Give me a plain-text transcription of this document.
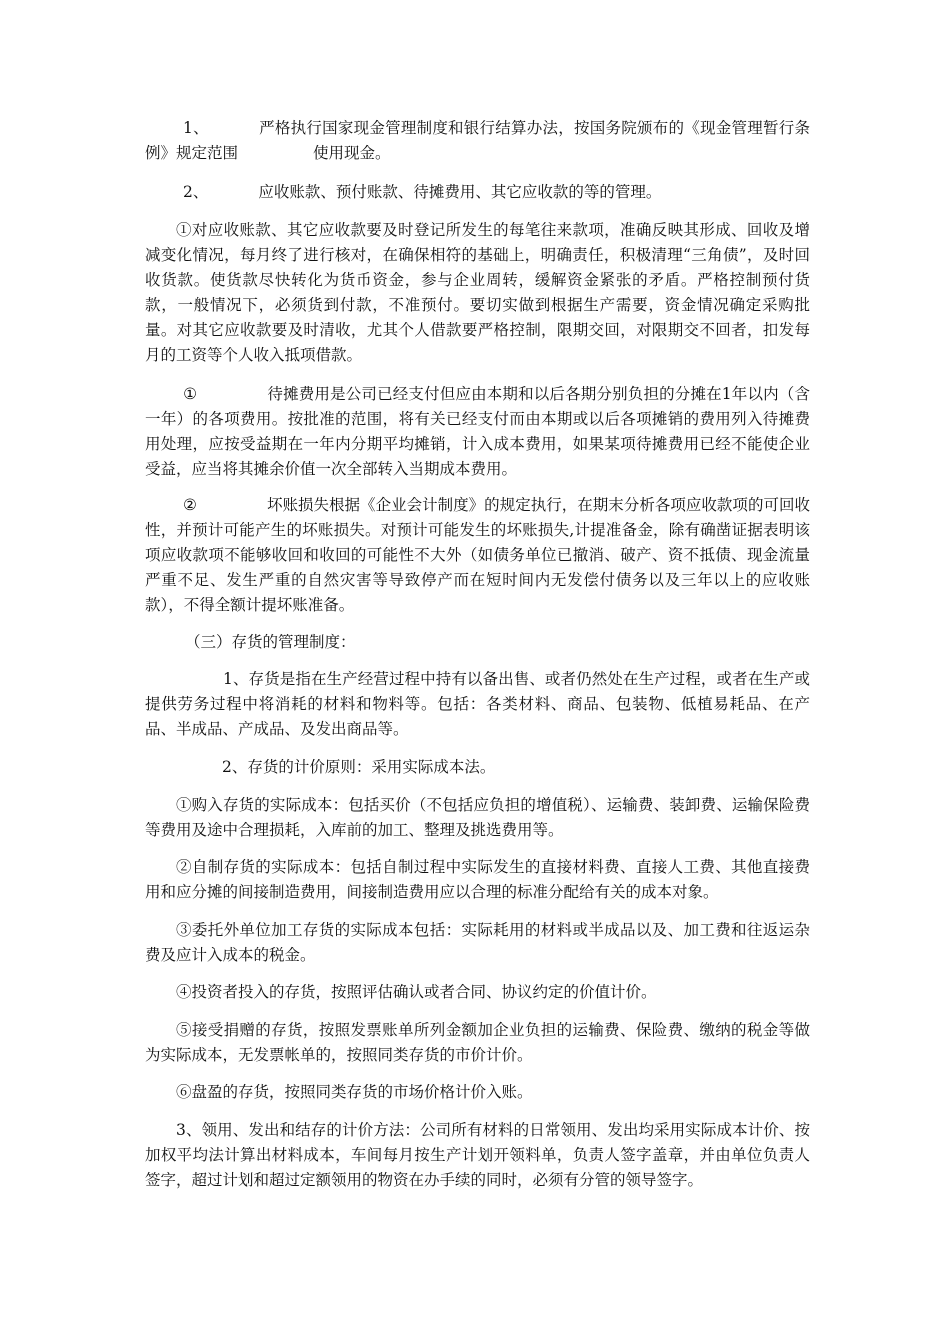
1、	严格执行国家现金管理制度和银行结算办法，按国务院颁布的《现金管理暂行条例》规定范围	使用现金。

2、	应收账款、预付账款、待摊费用、其它应收款的等的管理。

①对应收账款、其它应收款要及时登记所发生的每笔往来款项，准确反映其形成、回收及增减变化情况，每月终了进行核对，在确保相符的基础上，明确责任，积极清理“三角债”，及时回收货款。使货款尽快转化为货币资金，参与企业周转，缓解资金紧张的矛盾。严格控制预付货款，一般情况下，必须货到付款，不准预付。要切实做到根据生产需要，资金情况确定采购批量。对其它应收款要及时清收，尤其个人借款要严格控制，限期交回，对限期交不回者，扣发每月的工资等个人收入抵项借款。

①	待摊费用是公司已经支付但应由本期和以后各期分别负担的分摊在1年以内（含一年）的各项费用。按批准的范围，将有关已经支付而由本期或以后各项摊销的费用列入待摊费用处理，应按受益期在一年内分期平均摊销，计入成本费用，如果某项待摊费用已经不能使企业受益，应当将其摊余价值一次全部转入当期成本费用。

②	坏账损失根据《企业会计制度》的规定执行，在期末分析各项应收款项的可回收性，并预计可能产生的坏账损失。对预计可能发生的坏账损失,计提准备金，除有确凿证据表明该项应收款项不能够收回和收回的可能性不大外（如债务单位已撤消、破产、资不抵债、现金流量严重不足、发生严重的自然灾害等导致停产而在短时间内无发偿付债务以及三年以上的应收账款），不得全额计提坏账准备。

（三）存货的管理制度：

1、存货是指在生产经营过程中持有以备出售、或者仍然处在生产过程，或者在生产或提供劳务过程中将消耗的材料和物料等。包括：各类材料、商品、包装物、低植易耗品、在产品、半成品、产成品、及发出商品等。

2、存货的计价原则：采用实际成本法。

①购入存货的实际成本：包括买价（不包括应负担的增值税）、运输费、装卸费、运输保险费等费用及途中合理损耗，入库前的加工、整理及挑选费用等。

②自制存货的实际成本：包括自制过程中实际发生的直接材料费、直接人工费、其他直接费用和应分摊的间接制造费用，间接制造费用应以合理的标准分配给有关的成本对象。

③委托外单位加工存货的实际成本包括：实际耗用的材料或半成品以及、加工费和往返运杂费及应计入成本的税金。

④投资者投入的存货，按照评估确认或者合同、协议约定的价值计价。

⑤接受捐赠的存货，按照发票账单所列金额加企业负担的运输费、保险费、缴纳的税金等做为实际成本，无发票帐单的，按照同类存货的市价计价。

⑥盘盈的存货，按照同类存货的市场价格计价入账。

3、领用、发出和结存的计价方法：公司所有材料的日常领用、发出均采用实际成本计价、按加权平均法计算出材料成本，车间每月按生产计划开领料单，负责人签字盖章，并由单位负责人签字，超过计划和超过定额领用的物资在办手续的同时，必须有分管的领导签字。
